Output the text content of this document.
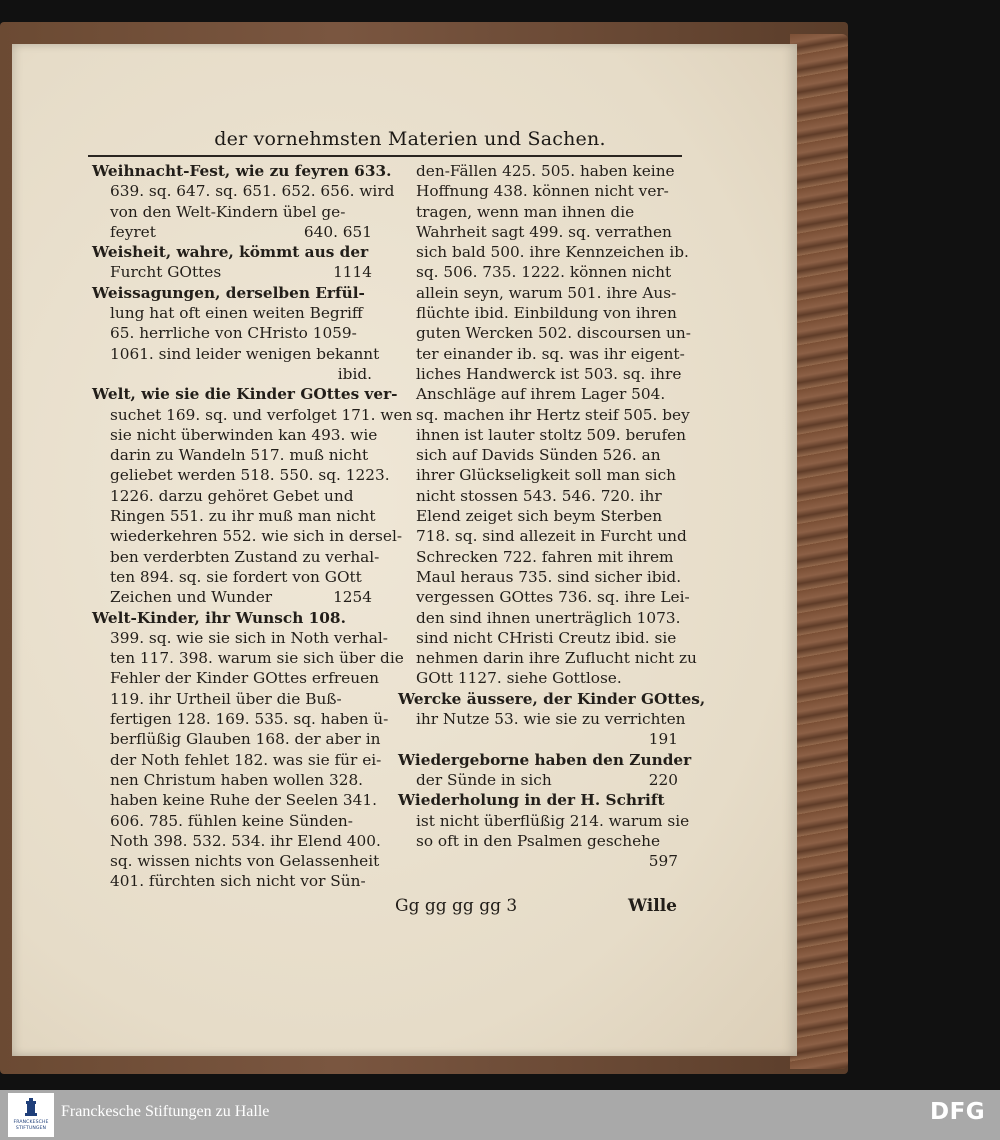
der vornehmsten Materien und Sachen.
Weihnacht-Fest, wie zu feyren 633.
639. sq. 647. sq. 651. 652. 656. wird
von den Welt-Kindern übel ge-
feyret	640. 651
Weisheit, wahre, kömmt aus der
Furcht GOttes	1114
Weissagungen, derselben Erfül-
lung hat oft einen weiten Begriff
65. herrliche von CHristo 1059-
1061. sind leider wenigen bekannt
ibid.
Welt, wie sie die Kinder GOttes ver-
suchet 169. sq. und verfolget 171. wen
sie nicht überwinden kan 493. wie
darin zu Wandeln 517. muß nicht
geliebet werden 518. 550. sq. 1223.
1226. darzu gehöret Gebet und
Ringen 551. zu ihr muß man nicht
wiederkehren 552. wie sich in dersel-
ben verderbten Zustand zu verhal-
ten 894. sq. sie fordert von GOtt
Zeichen und Wunder	1254
Welt-Kinder, ihr Wunsch 108.
399. sq. wie sie sich in Noth verhal-
ten 117. 398. warum sie sich über die
Fehler der Kinder GOttes erfreuen
119. ihr Urtheil über die Buß-
fertigen 128. 169. 535. sq. haben ü-
berflüßig Glauben 168. der aber in
der Noth fehlet 182. was sie für ei-
nen Christum haben wollen 328.
haben keine Ruhe der Seelen 341.
606. 785. fühlen keine Sünden-
Noth 398. 532. 534. ihr Elend 400.
sq. wissen nichts von Gelassenheit
401. fürchten sich nicht vor Sün-
den-Fällen 425. 505. haben keine
Hoffnung 438. können nicht ver-
tragen, wenn man ihnen die
Wahrheit sagt 499. sq. verrathen
sich bald 500. ihre Kennzeichen ib.
sq. 506. 735. 1222. können nicht
allein seyn, warum 501. ihre Aus-
flüchte ibid. Einbildung von ihren
guten Wercken 502. discoursen un-
ter einander ib. sq. was ihr eigent-
liches Handwerck ist 503. sq. ihre
Anschläge auf ihrem Lager 504.
sq. machen ihr Hertz steif 505. bey
ihnen ist lauter stoltz 509. berufen
sich auf Davids Sünden 526. an
ihrer Glückseligkeit soll man sich
nicht stossen 543. 546. 720. ihr
Elend zeiget sich beym Sterben
718. sq. sind allezeit in Furcht und
Schrecken 722. fahren mit ihrem
Maul heraus 735. sind sicher ibid.
vergessen GOttes 736. sq. ihre Lei-
den sind ihnen unerträglich 1073.
sind nicht CHristi Creutz ibid. sie
nehmen darin ihre Zuflucht nicht zu
GOtt 1127. siehe Gottlose.
Wercke äussere, der Kinder GOttes,
ihr Nutze 53. wie sie zu verrichten
191
Wiedergeborne haben den Zunder
der Sünde in sich	220
Wiederholung in der H. Schrift
ist nicht überflüßig 214. warum sie
so oft in den Psalmen geschehe
597
Gg gg gg gg 3	Wille
FRANCKESCHE STIFTUNGEN
Franckesche Stiftungen zu Halle	DFG
